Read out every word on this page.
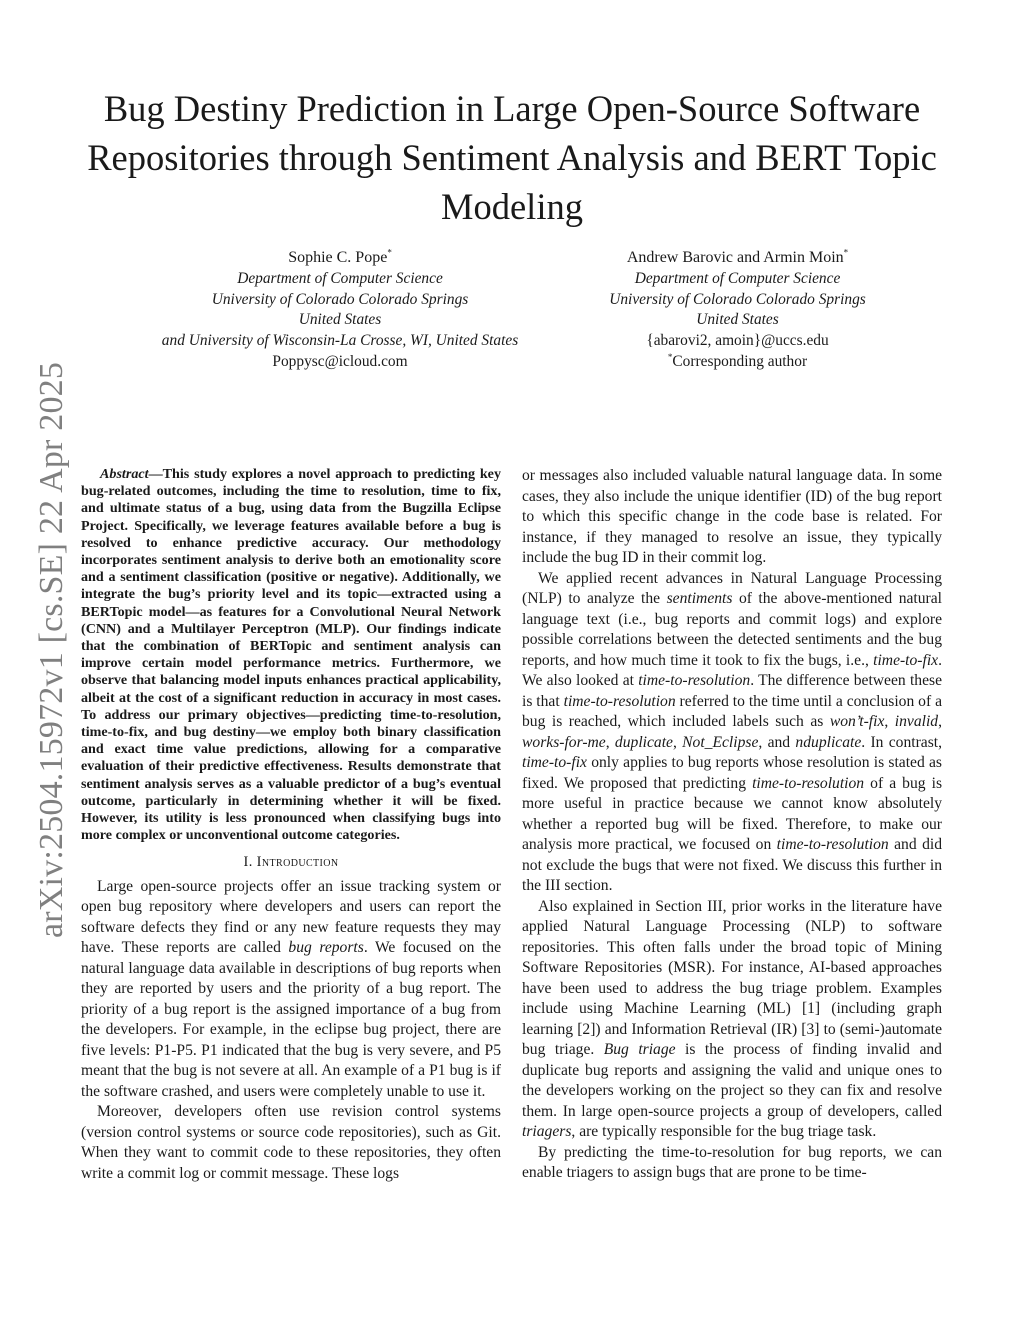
Bug Destiny Prediction in Large Open-Source Software Repositories through Sentiment Analysis and BERT Topic Modeling
arXiv:2504.15972v1 [cs.SE] 22 Apr 2025
Sophie C. Pope*
Department of Computer Science
University of Colorado Colorado Springs
United States
and University of Wisconsin-La Crosse, WI, United States
Poppysc@icloud.com
Andrew Barovic and Armin Moin*
Department of Computer Science
University of Colorado Colorado Springs
United States
{abarovi2, amoin}@uccs.edu
*Corresponding author

Abstract—This study explores a novel approach to predicting key bug-related outcomes, including the time to resolution, time to fix, and ultimate status of a bug, using data from the Bugzilla Eclipse Project. Specifically, we leverage features available before a bug is resolved to enhance predictive accuracy. Our methodology incorporates sentiment analysis to derive both an emotionality score and a sentiment classification (positive or negative). Additionally, we integrate the bug’s priority level and its topic—extracted using a BERTopic model—as features for a Convolutional Neural Network (CNN) and a Multilayer Perceptron (MLP). Our findings indicate that the combination of BERTopic and sentiment analysis can improve certain model performance metrics. Furthermore, we observe that balancing model inputs enhances practical applicability, albeit at the cost of a significant reduction in accuracy in most cases. To address our primary objectives—predicting time-to-resolution, time-to-fix, and bug destiny—we employ both binary classification and exact time value predictions, allowing for a comparative evaluation of their predictive effectiveness. Results demonstrate that sentiment analysis serves as a valuable predictor of a bug’s eventual outcome, particularly in determining whether it will be fixed. However, its utility is less pronounced when classifying bugs into more complex or unconventional outcome categories.

I. Introduction

Large open-source projects offer an issue tracking system or open bug repository where developers and users can report the software defects they find or any new feature requests they may have. These reports are called bug reports. We focused on the natural language data available in descriptions of bug reports when they are reported by users and the priority of a bug report. The priority of a bug report is the assigned importance of a bug from the developers. For example, in the eclipse bug project, there are five levels: P1-P5. P1 indicated that the bug is very severe, and P5 meant that the bug is not severe at all. An example of a P1 bug is if the software crashed, and users were completely unable to use it.

Moreover, developers often use revision control systems (version control systems or source code repositories), such as Git. When they want to commit code to these repositories, they often write a commit log or commit message. These logs

or messages also included valuable natural language data. In some cases, they also include the unique identifier (ID) of the bug report to which this specific change in the code base is related. For instance, if they managed to resolve an issue, they typically include the bug ID in their commit log.

We applied recent advances in Natural Language Processing (NLP) to analyze the sentiments of the above-mentioned natural language text (i.e., bug reports and commit logs) and explore possible correlations between the detected sentiments and the bug reports, and how much time it took to fix the bugs, i.e., time-to-fix. We also looked at time-to-resolution. The difference between these is that time-to-resolution referred to the time until a conclusion of a bug is reached, which included labels such as won’t-fix, invalid, works-for-me, duplicate, Not_Eclipse, and nduplicate. In contrast, time-to-fix only applies to bug reports whose resolution is stated as fixed. We proposed that predicting time-to-resolution of a bug is more useful in practice because we cannot know absolutely whether a reported bug will be fixed. Therefore, to make our analysis more practical, we focused on time-to-resolution and did not exclude the bugs that were not fixed. We discuss this further in the III section.

Also explained in Section III, prior works in the literature have applied Natural Language Processing (NLP) to software repositories. This often falls under the broad topic of Mining Software Repositories (MSR). For instance, AI-based approaches have been used to address the bug triage problem. Examples include using Machine Learning (ML) [1] (including graph learning [2]) and Information Retrieval (IR) [3] to (semi-)automate bug triage. Bug triage is the process of finding invalid and duplicate bug reports and assigning the valid and unique ones to the developers working on the project so they can fix and resolve them. In large open-source projects a group of developers, called triagers, are typically responsible for the bug triage task.

By predicting the time-to-resolution for bug reports, we can enable triagers to assign bugs that are prone to be time-
